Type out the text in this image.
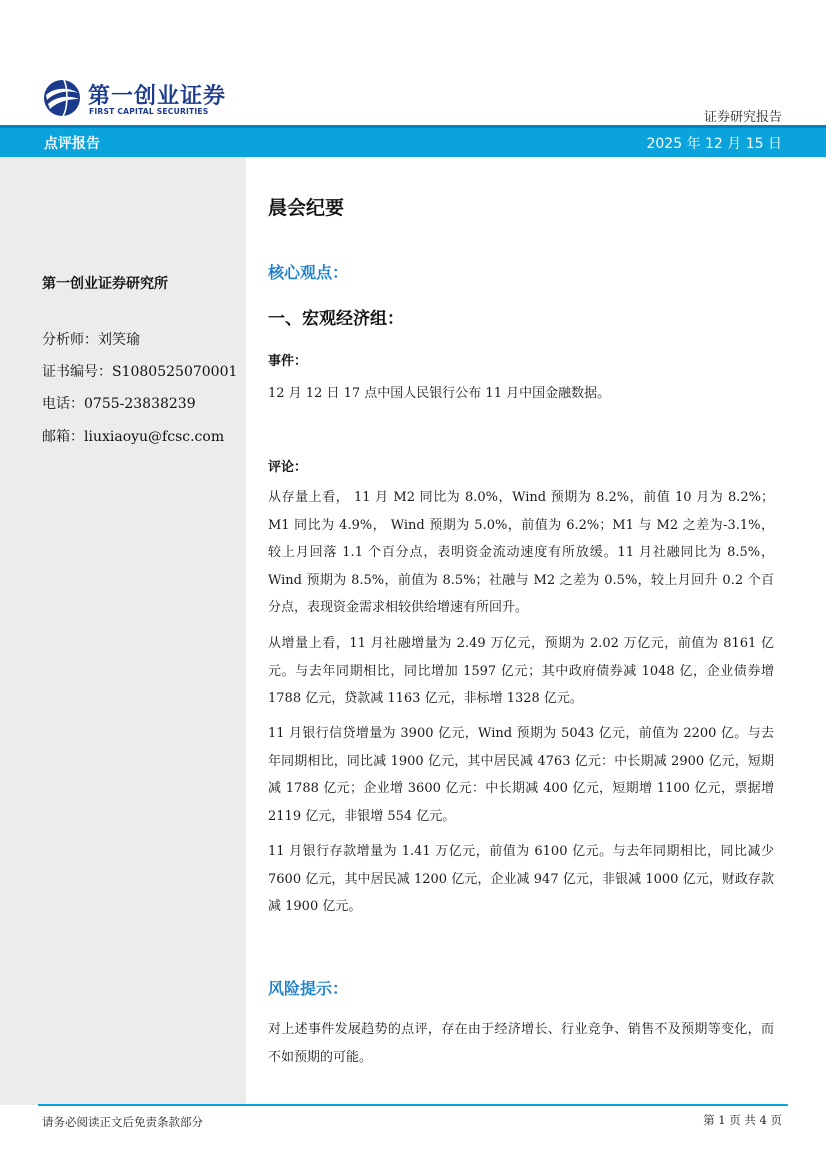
第一创业证券
FIRST CAPITAL SECURITIES	证券研究报告
点评报告	2025 年 12 月 15 日
第一创业证券研究所
分析师：刘笑瑜
证书编号：S1080525070001
电话：0755-23838239
邮箱：liuxiaoyu@fcsc.com
晨会纪要
核心观点：
一、宏观经济组：
事件：
12 月 12 日 17 点中国人民银行公布 11 月中国金融数据。
评论：
从存量上看， 11 月 M2 同比为 8.0%，Wind 预期为 8.2%，前值 10 月为 8.2%；M1 同比为 4.9%， Wind 预期为 5.0%，前值为 6.2%；M1 与 M2 之差为-3.1%，较上月回落 1.1 个百分点，表明资金流动速度有所放缓。11 月社融同比为 8.5%，Wind 预期为 8.5%，前值为 8.5%；社融与 M2 之差为 0.5%，较上月回升 0.2 个百分点，表现资金需求相较供给增速有所回升。
从增量上看，11 月社融增量为 2.49 万亿元，预期为 2.02 万亿元，前值为 8161 亿元。与去年同期相比，同比增加 1597 亿元；其中政府债券减 1048 亿，企业债券增 1788 亿元，贷款减 1163 亿元，非标增 1328 亿元。
11 月银行信贷增量为 3900 亿元，Wind 预期为 5043 亿元，前值为 2200 亿。与去年同期相比，同比减 1900 亿元，其中居民减 4763 亿元：中长期减 2900 亿元，短期减 1788 亿元；企业增 3600 亿元：中长期减 400 亿元，短期增 1100 亿元，票据增 2119 亿元，非银增 554 亿元。
11 月银行存款增量为 1.41 万亿元，前值为 6100 亿元。与去年同期相比，同比减少 7600 亿元，其中居民减 1200 亿元，企业减 947 亿元，非银减 1000 亿元，财政存款减 1900 亿元。
风险提示：
对上述事件发展趋势的点评，存在由于经济增长、行业竞争、销售不及预期等变化，而不如预期的可能。
请务必阅读正文后免责条款部分	第 1 页 共 4 页
